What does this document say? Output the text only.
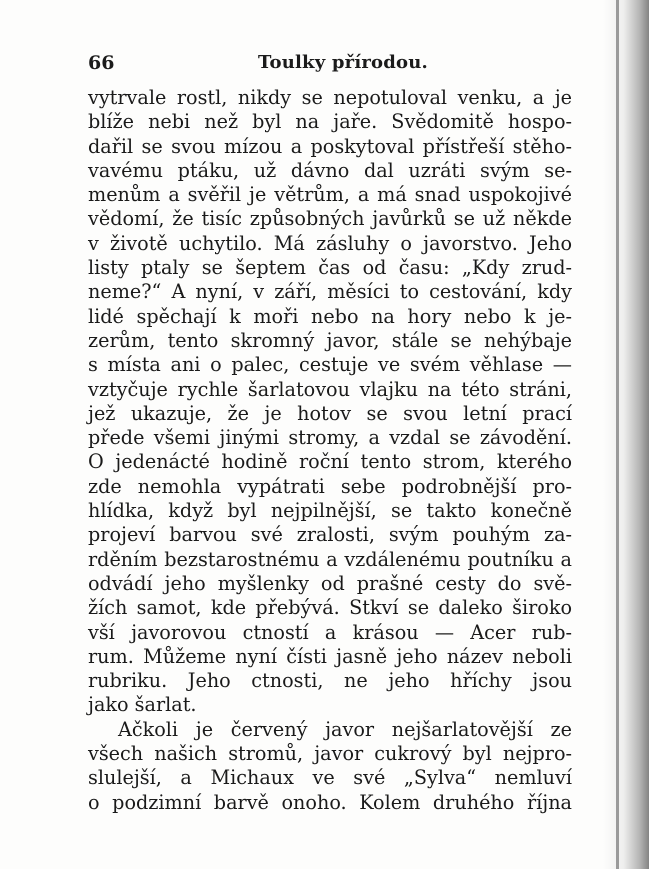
66	Toulky přírodou.
vytrvale rostl, nikdy se nepotuloval venku, a je
blíže nebi než byl na jaře. Svědomitě hospo-
dařil se svou mízou a poskytoval přístřeší stěho-
vavému ptáku, už dávno dal uzráti svým se-
menům a svěřil je větrům, a má snad uspokojivé
vědomí, že tisíc způsobných javůrků se už někde
v životě uchytilo. Má zásluhy o javorstvo. Jeho
listy ptaly se šeptem čas od času: „Kdy zrud-
neme?“ A nyní, v září, měsíci to cestování, kdy
lidé spěchají k moři nebo na hory nebo k je-
zerům, tento skromný javor, stále se nehýbaje
s místa ani o palec, cestuje ve svém věhlase —
vztyčuje rychle šarlatovou vlajku na této stráni,
jež ukazuje, že je hotov se svou letní prací
přede všemi jinými stromy, a vzdal se závodění.
O jedenácté hodině roční tento strom, kterého
zde nemohla vypátrati sebe podrobnější pro-
hlídka, když byl nejpilnější, se takto konečně
projeví barvou své zralosti, svým pouhým za-
rděním bezstarostnému a vzdálenému poutníku a
odvádí jeho myšlenky od prašné cesty do svě-
žích samot, kde přebývá. Stkví se daleko široko
vší javorovou ctností a krásou — Acer rub-
rum. Můžeme nyní čísti jasně jeho název neboli
rubriku. Jeho ctnosti, ne jeho hříchy jsou
jako šarlat.
Ačkoli je červený javor nejšarlatovější ze
všech našich stromů, javor cukrový byl nejpro-
slulejší, a Michaux ve své „Sylva“ nemluví
o podzimní barvě onoho. Kolem druhého října
